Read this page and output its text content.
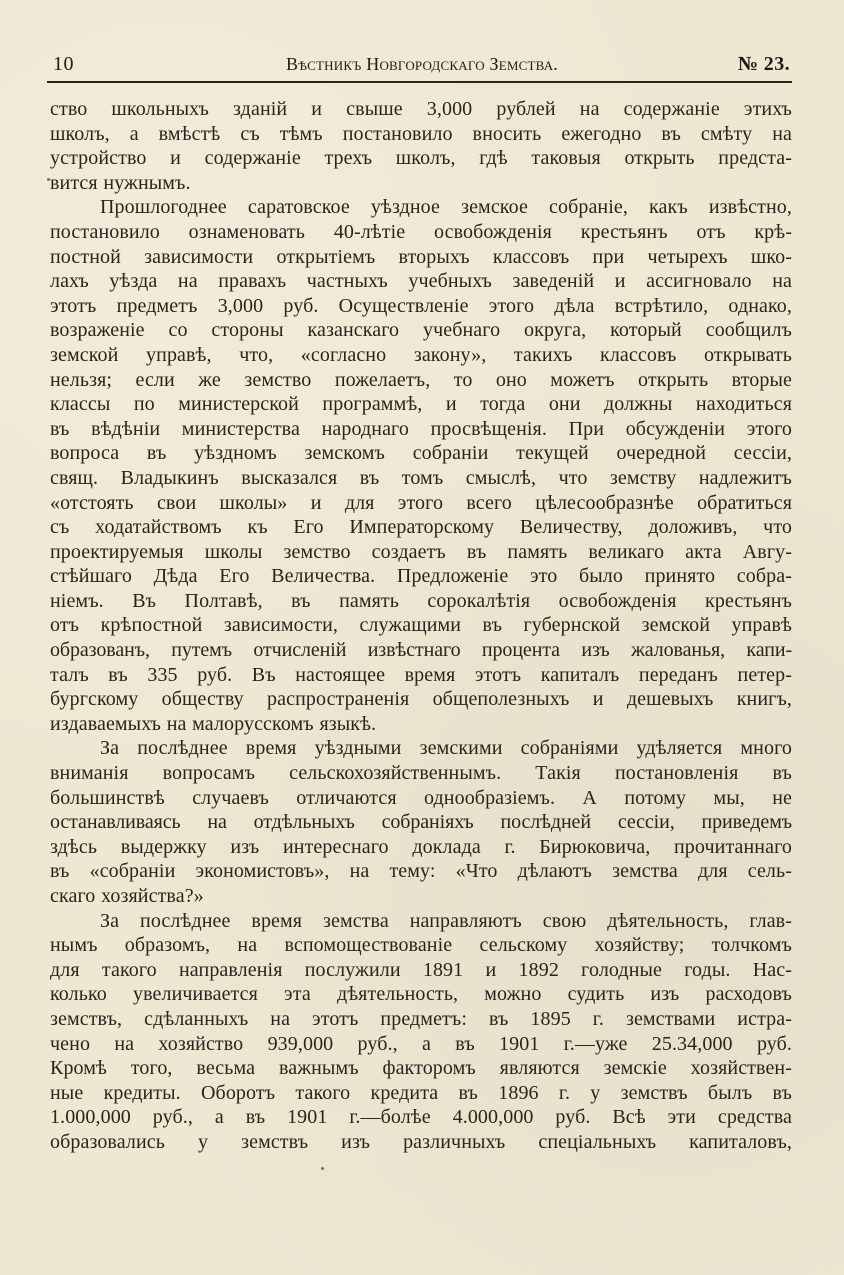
10	Вѣстникъ Новгородскаго Земства.	№ 23.
ство школьныхъ зданій и свыше 3,000 рублей на содержаніе этихъ
школъ, а вмѣстѣ съ тѣмъ постановило вносить ежегодно въ смѣту на
устройство и содержаніе трехъ школъ, гдѣ таковыя открыть предста-
вится нужнымъ.
Прошлогоднее саратовское уѣздное земское собраніе, какъ извѣстно,
постановило ознаменовать 40-лѣтіе освобожденія крестьянъ отъ крѣ-
постной зависимости открытіемъ вторыхъ классовъ при четырехъ шко-
лахъ уѣзда на правахъ частныхъ учебныхъ заведеній и ассигновало на
этотъ предметъ 3,000 руб. Осуществленіе этого дѣла встрѣтило, однако,
возраженіе со стороны казанскаго учебнаго округа, который сообщилъ
земской управѣ, что, «согласно закону», такихъ классовъ открывать
нельзя; если же земство пожелаетъ, то оно можетъ открыть вторые
классы по министерской программѣ, и тогда они должны находиться
въ вѣдѣніи министерства народнаго просвѣщенія. При обсужденіи этого
вопроса въ уѣздномъ земскомъ собраніи текущей очередной сессіи,
свящ. Владыкинъ высказался въ томъ смыслѣ, что земству надлежитъ
«отстоять свои школы» и для этого всего цѣлесообразнѣе обратиться
съ ходатайствомъ къ Его Императорскому Величеству, доложивъ, что
проектируемыя школы земство создаетъ въ память великаго акта Авгу-
стѣйшаго Дѣда Его Величества. Предложеніе это было принято собра-
ніемъ. Въ Полтавѣ, въ память сорокалѣтія освобожденія крестьянъ
отъ крѣпостной зависимости, служащими въ губернской земской управѣ
образованъ, путемъ отчисленій извѣстнаго процента изъ жалованья, капи-
талъ въ 335 руб. Въ настоящее время этотъ капиталъ переданъ петер-
бургскому обществу распространенія общеполезныхъ и дешевыхъ книгъ,
издаваемыхъ на малорусскомъ языкѣ.
За послѣднее время уѣздными земскими собраніями удѣляется много
вниманія вопросамъ сельскохозяйственнымъ. Такія постановленія въ
большинствѣ случаевъ отличаются однообразіемъ. А потому мы, не
останавливаясь на отдѣльныхъ собраніяхъ послѣдней сессіи, приведемъ
здѣсь выдержку изъ интереснаго доклада г. Бирюковича, прочитаннаго
въ «собраніи экономистовъ», на тему: «Что дѣлаютъ земства для сель-
скаго хозяйства?»
За послѣднее время земства направляютъ свою дѣятельность, глав-
нымъ образомъ, на вспомоществованіе сельскому хозяйству; толчкомъ
для такого направленія послужили 1891 и 1892 голодные годы. Нас-
колько увеличивается эта дѣятельность, можно судить изъ расходовъ
земствъ, сдѣланныхъ на этотъ предметъ: въ 1895 г. земствами истра-
чено на хозяйство 939,000 руб., а въ 1901 г.—уже 25.34,000 руб.
Кромѣ того, весьма важнымъ факторомъ являются земскіе хозяйствен-
ные кредиты. Оборотъ такого кредита въ 1896 г. у земствъ былъ въ
1.000,000 руб., а въ 1901 г.—болѣе 4.000,000 руб. Всѣ эти средства
образовались у земствъ изъ различныхъ спеціальныхъ капиталовъ,
